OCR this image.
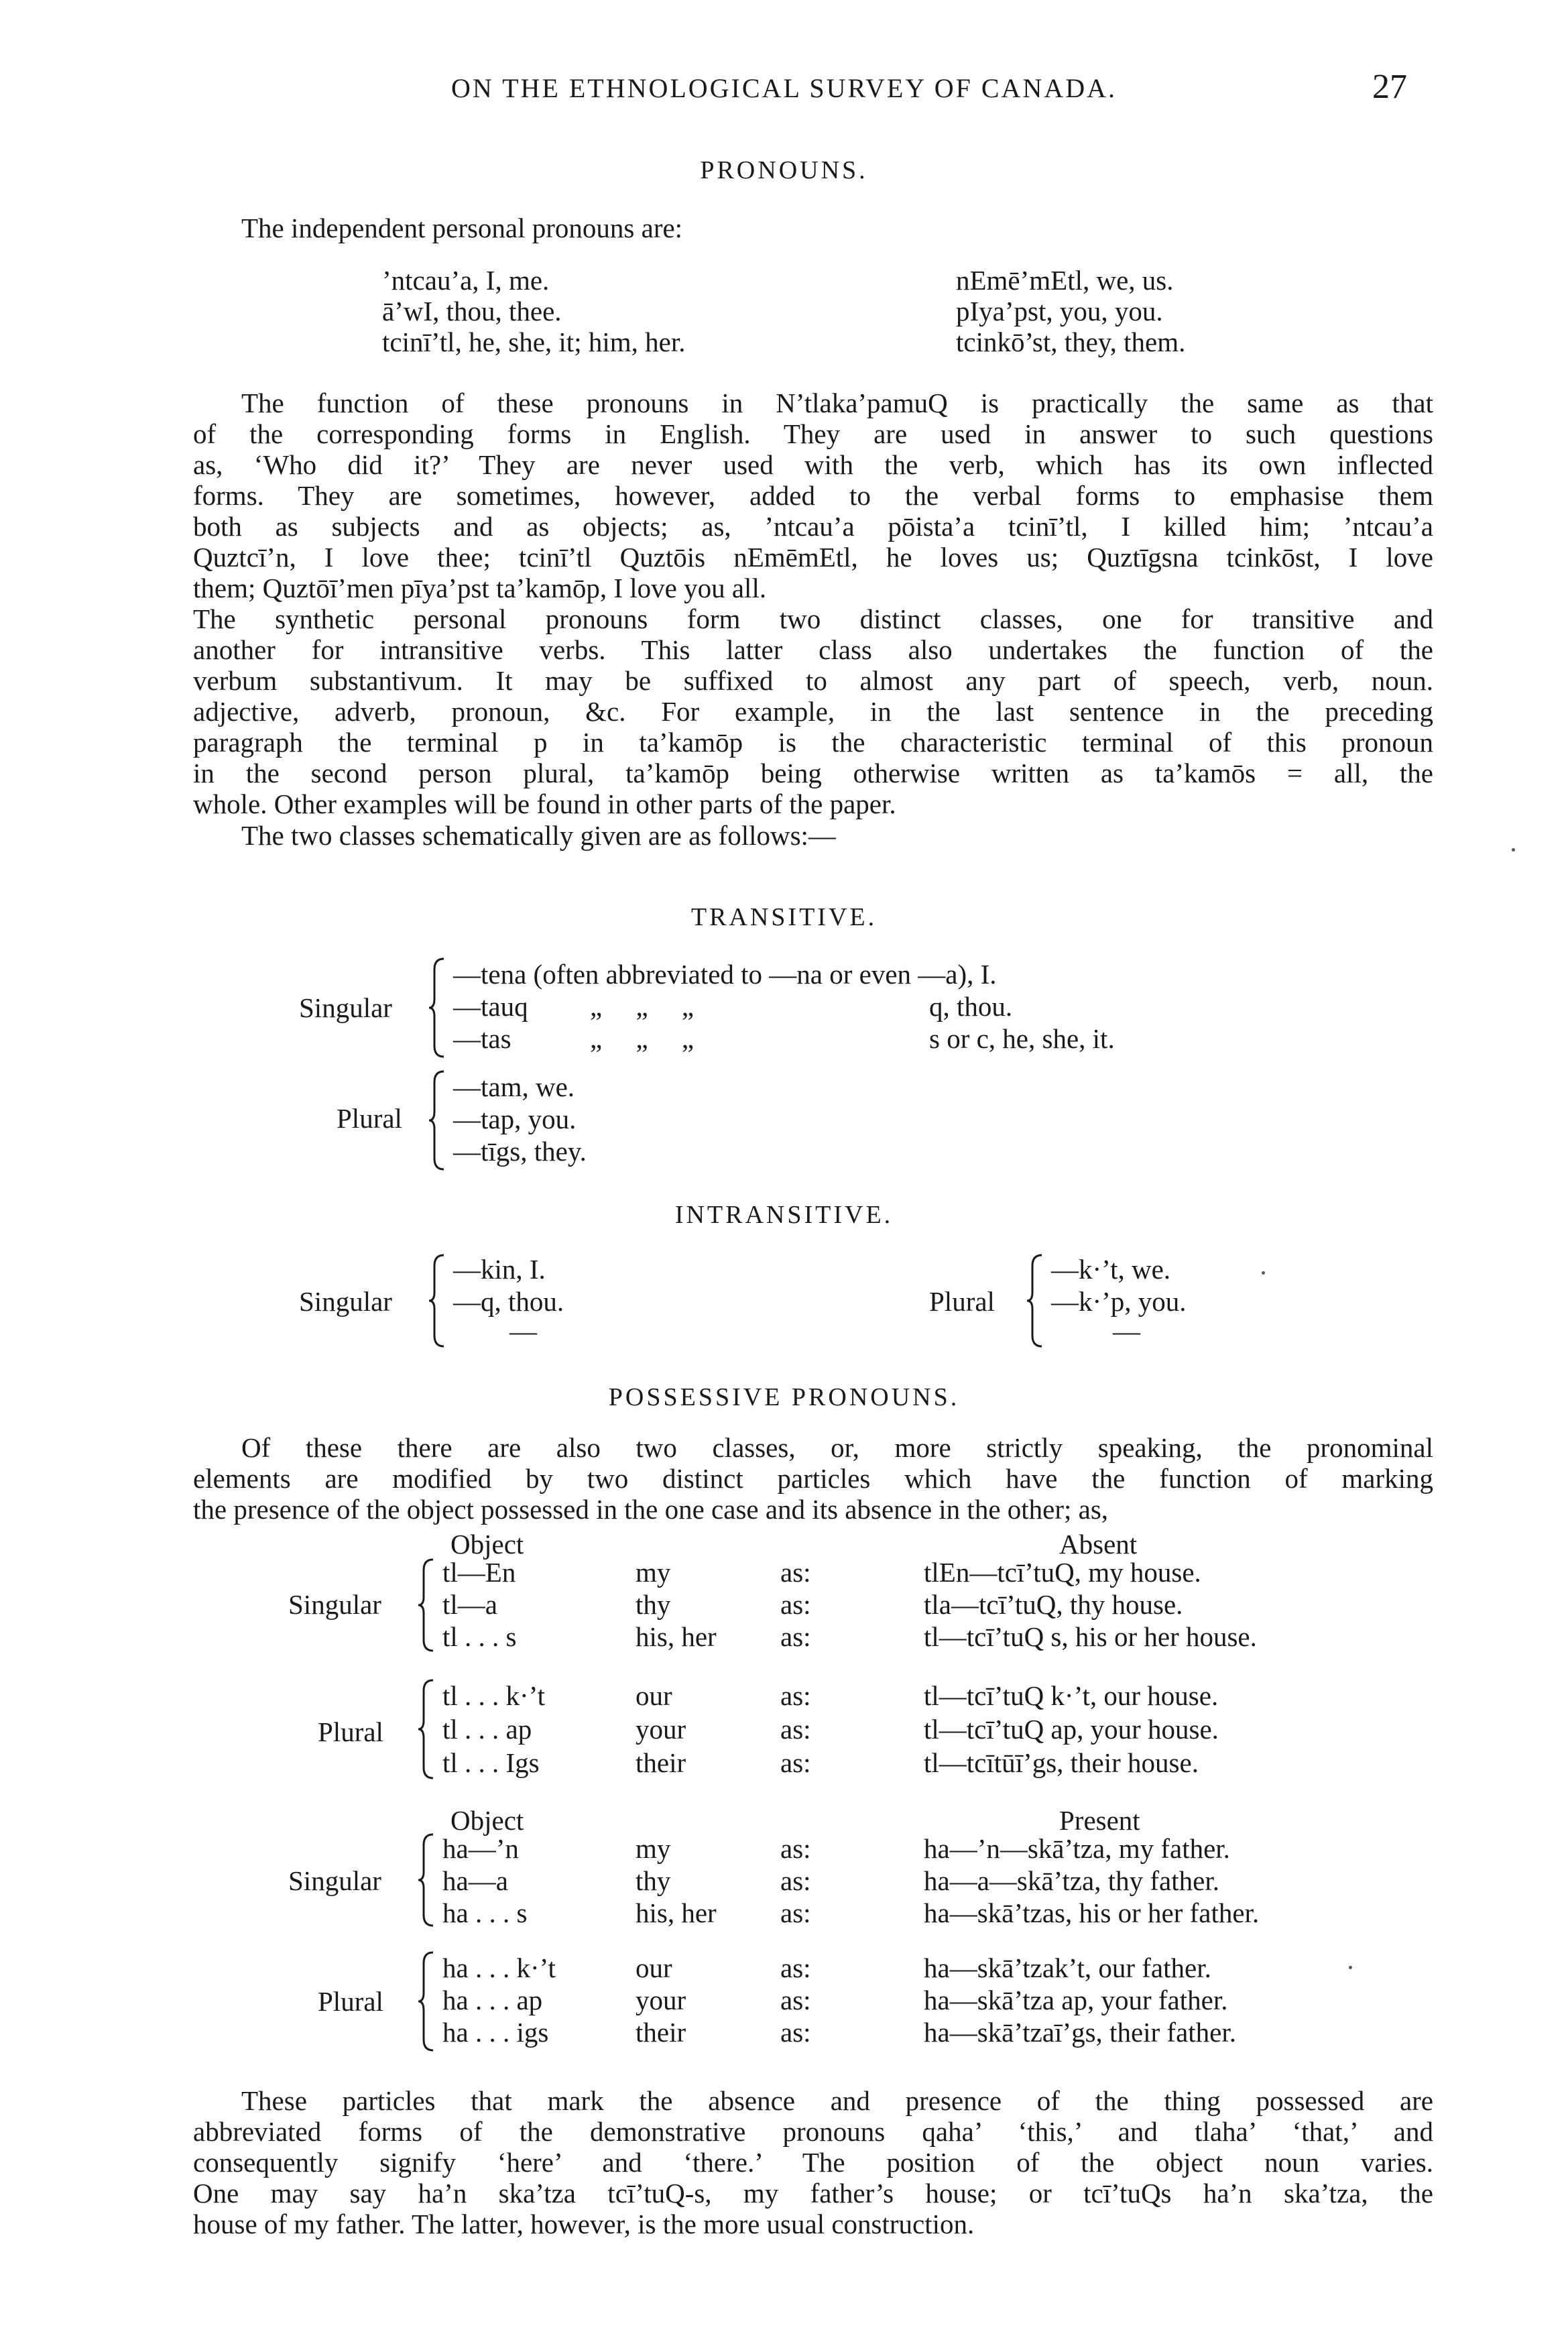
ON THE ETHNOLOGICAL SURVEY OF CANADA.	27
PRONOUNS.
The independent personal pronouns are:
’ntcau’a, I, me.	nEmē’mEtl, we, us.
ā’wI, thou, thee.	pIya’pst, you, you.
tcinī’tl, he, she, it; him, her.	tcinkō’st, they, them.
The function of these pronouns in N’tlaka’pamuQ is practically the same as that
of the corresponding forms in English. They are used in answer to such questions
as, ‘Who did it?’ They are never used with the verb, which has its own inflected
forms. They are sometimes, however, added to the verbal forms to emphasise them
both as subjects and as objects; as, ’ntcau’a pōista’a tcinī’tl, I killed him; ’ntcau’a
Quztcī’n, I love thee; tcinī’tl Quztōis nEmēmEtl, he loves us; Quztīgsna tcinkōst, I love
them; Quztōī’men pīya’pst ta’kamōp, I love you all.
The synthetic personal pronouns form two distinct classes, one for transitive and
another for intransitive verbs. This latter class also undertakes the function of the
verbum substantivum. It may be suffixed to almost any part of speech, verb, noun.
adjective, adverb, pronoun, &c. For example, in the last sentence in the preceding
paragraph the terminal p in ta’kamōp is the characteristic terminal of this pronoun
in the second person plural, ta’kamōp being otherwise written as ta’kamōs = all, the
whole. Other examples will be found in other parts of the paper.
The two classes schematically given are as follows:—
TRANSITIVE.
Singular
—tena (often abbreviated to —na or even —a), I.
—tauq „ „ „	q, thou.
—tas	„ „ „	s or c, he, she, it.
Plural
—tam, we.
—tap, you.
—tīgs, they.
INTRANSITIVE.
Singular
—kin, I.
—q, thou.
—
Plural
—k·’t, we.
—k·’p, you.
—
POSSESSIVE PRONOUNS.
Of these there are also two classes, or, more strictly speaking, the pronominal
elements are modified by two distinct particles which have the function of marking
the presence of the object possessed in the one case and its absence in the other; as,
Object	Absent
Singular
tl—En	my	as:	tlEn—tcī’tuQ, my house.
tl—a	thy	as:	tla—tcī’tuQ, thy house.
tl . . . s	his, her as:	tl—tcī’tuQ s, his or her house.
Plural
tl . . . k·’t	our	as:	tl—tcī’tuQ k·’t, our house.
tl . . . ap	your	as:	tl—tcī’tuQ ap, your house.
tl . . . Igs	their	as:	tl—tcītūī’gs, their house.
Object	Present
Singular
ha—’n	my	as:	ha—’n—skā’tza, my father.
ha—a	thy	as:	ha—a—skā’tza, thy father.
ha . . . s	his, her as:	ha—skā’tzas, his or her father.
Plural
ha . . . k·’t	our	as:	ha—skā’tzak’t, our father.
ha . . . ap	your	as:	ha—skā’tza ap, your father.
ha . . . igs	their	as:	ha—skā’tzaī’gs, their father.
These particles that mark the absence and presence of the thing possessed are
abbreviated forms of the demonstrative pronouns qaha’ ‘this,’ and tlaha’ ‘that,’ and
consequently signify ‘here’ and ‘there.’ The position of the object noun varies.
One may say ha’n ska’tza tcī’tuQ-s, my father’s house; or tcī’tuQs ha’n ska’tza, the
house of my father. The latter, however, is the more usual construction.
